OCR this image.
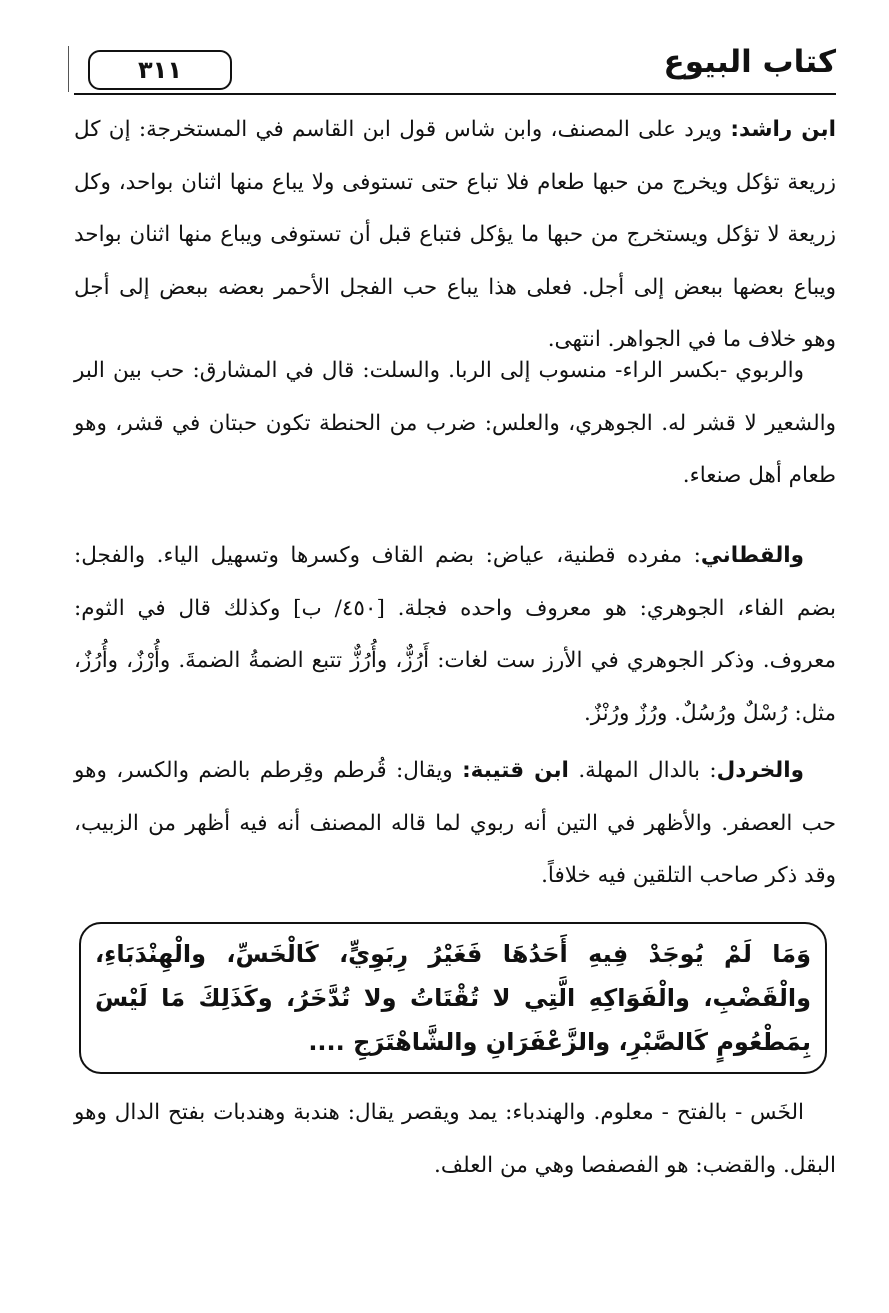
٣١١	كتاب البيوع

ابن راشد: ويرد على المصنف، وابن شاس قول ابن القاسم في المستخرجة: إن كل زريعة تؤكل ويخرج من حبها طعام فلا تباع حتى تستوفى ولا يباع منها اثنان بواحد، وكل زريعة لا تؤكل ويستخرج من حبها ما يؤكل فتباع قبل أن تستوفى ويباع منها اثنان بواحد ويباع بعضها ببعض إلى أجل. فعلى هذا يباع حب الفجل الأحمر بعضه ببعض إلى أجل وهو خلاف ما في الجواهر. انتهى.

والربوي -بكسر الراء- منسوب إلى الربا. والسلت: قال في المشارق: حب بين البر والشعير لا قشر له. الجوهري، والعلس: ضرب من الحنطة تكون حبتان في قشر، وهو طعام أهل صنعاء.

والقطاني: مفرده قطنية، عياض: بضم القاف وكسرها وتسهيل الياء. والفجل: بضم الفاء، الجوهري: هو معروف واحده فجلة. [٤٥٠/ ب] وكذلك قال في الثوم: معروف. وذكر الجوهري في الأرز ست لغات: أَرُزٌّ، وأُرُزٌّ تتبع الضمةُ الضمةَ. وأُرْزٌ، وأُرُزٌ، مثل: رُسْلٌ ورُسُلٌ. ورُزٌ ورُنْزٌ.

والخردل: بالدال المهلة. ابن قتيبة: ويقال: قُرطم وقِرطم بالضم والكسر، وهو حب العصفر. والأظهر في التين أنه ربوي لما قاله المصنف أنه فيه أظهر من الزبيب، وقد ذكر صاحب التلقين فيه خلافاً.

وَمَا لَمْ يُوجَدْ فِيهِ أَحَدُهَا فَغَيْرُ رِبَوِيٍّ، كَالْخَسِّ، والْهِنْدَبَاءِ، والْقَضْبِ، والْفَوَاكِهِ الَّتِي لا تُقْتَاتُ ولا تُدَّخَرُ، وكَذَلِكَ مَا لَيْسَ بِمَطْعُومٍ كَالصَّبْرِ، والزَّعْفَرَانِ والشَّاهْتَرَجِ ....

الخَس - بالفتح - معلوم. والهندباء: يمد ويقصر يقال: هندبة وهندبات بفتح الدال وهو البقل. والقضب: هو الفصفصا وهي من العلف.
